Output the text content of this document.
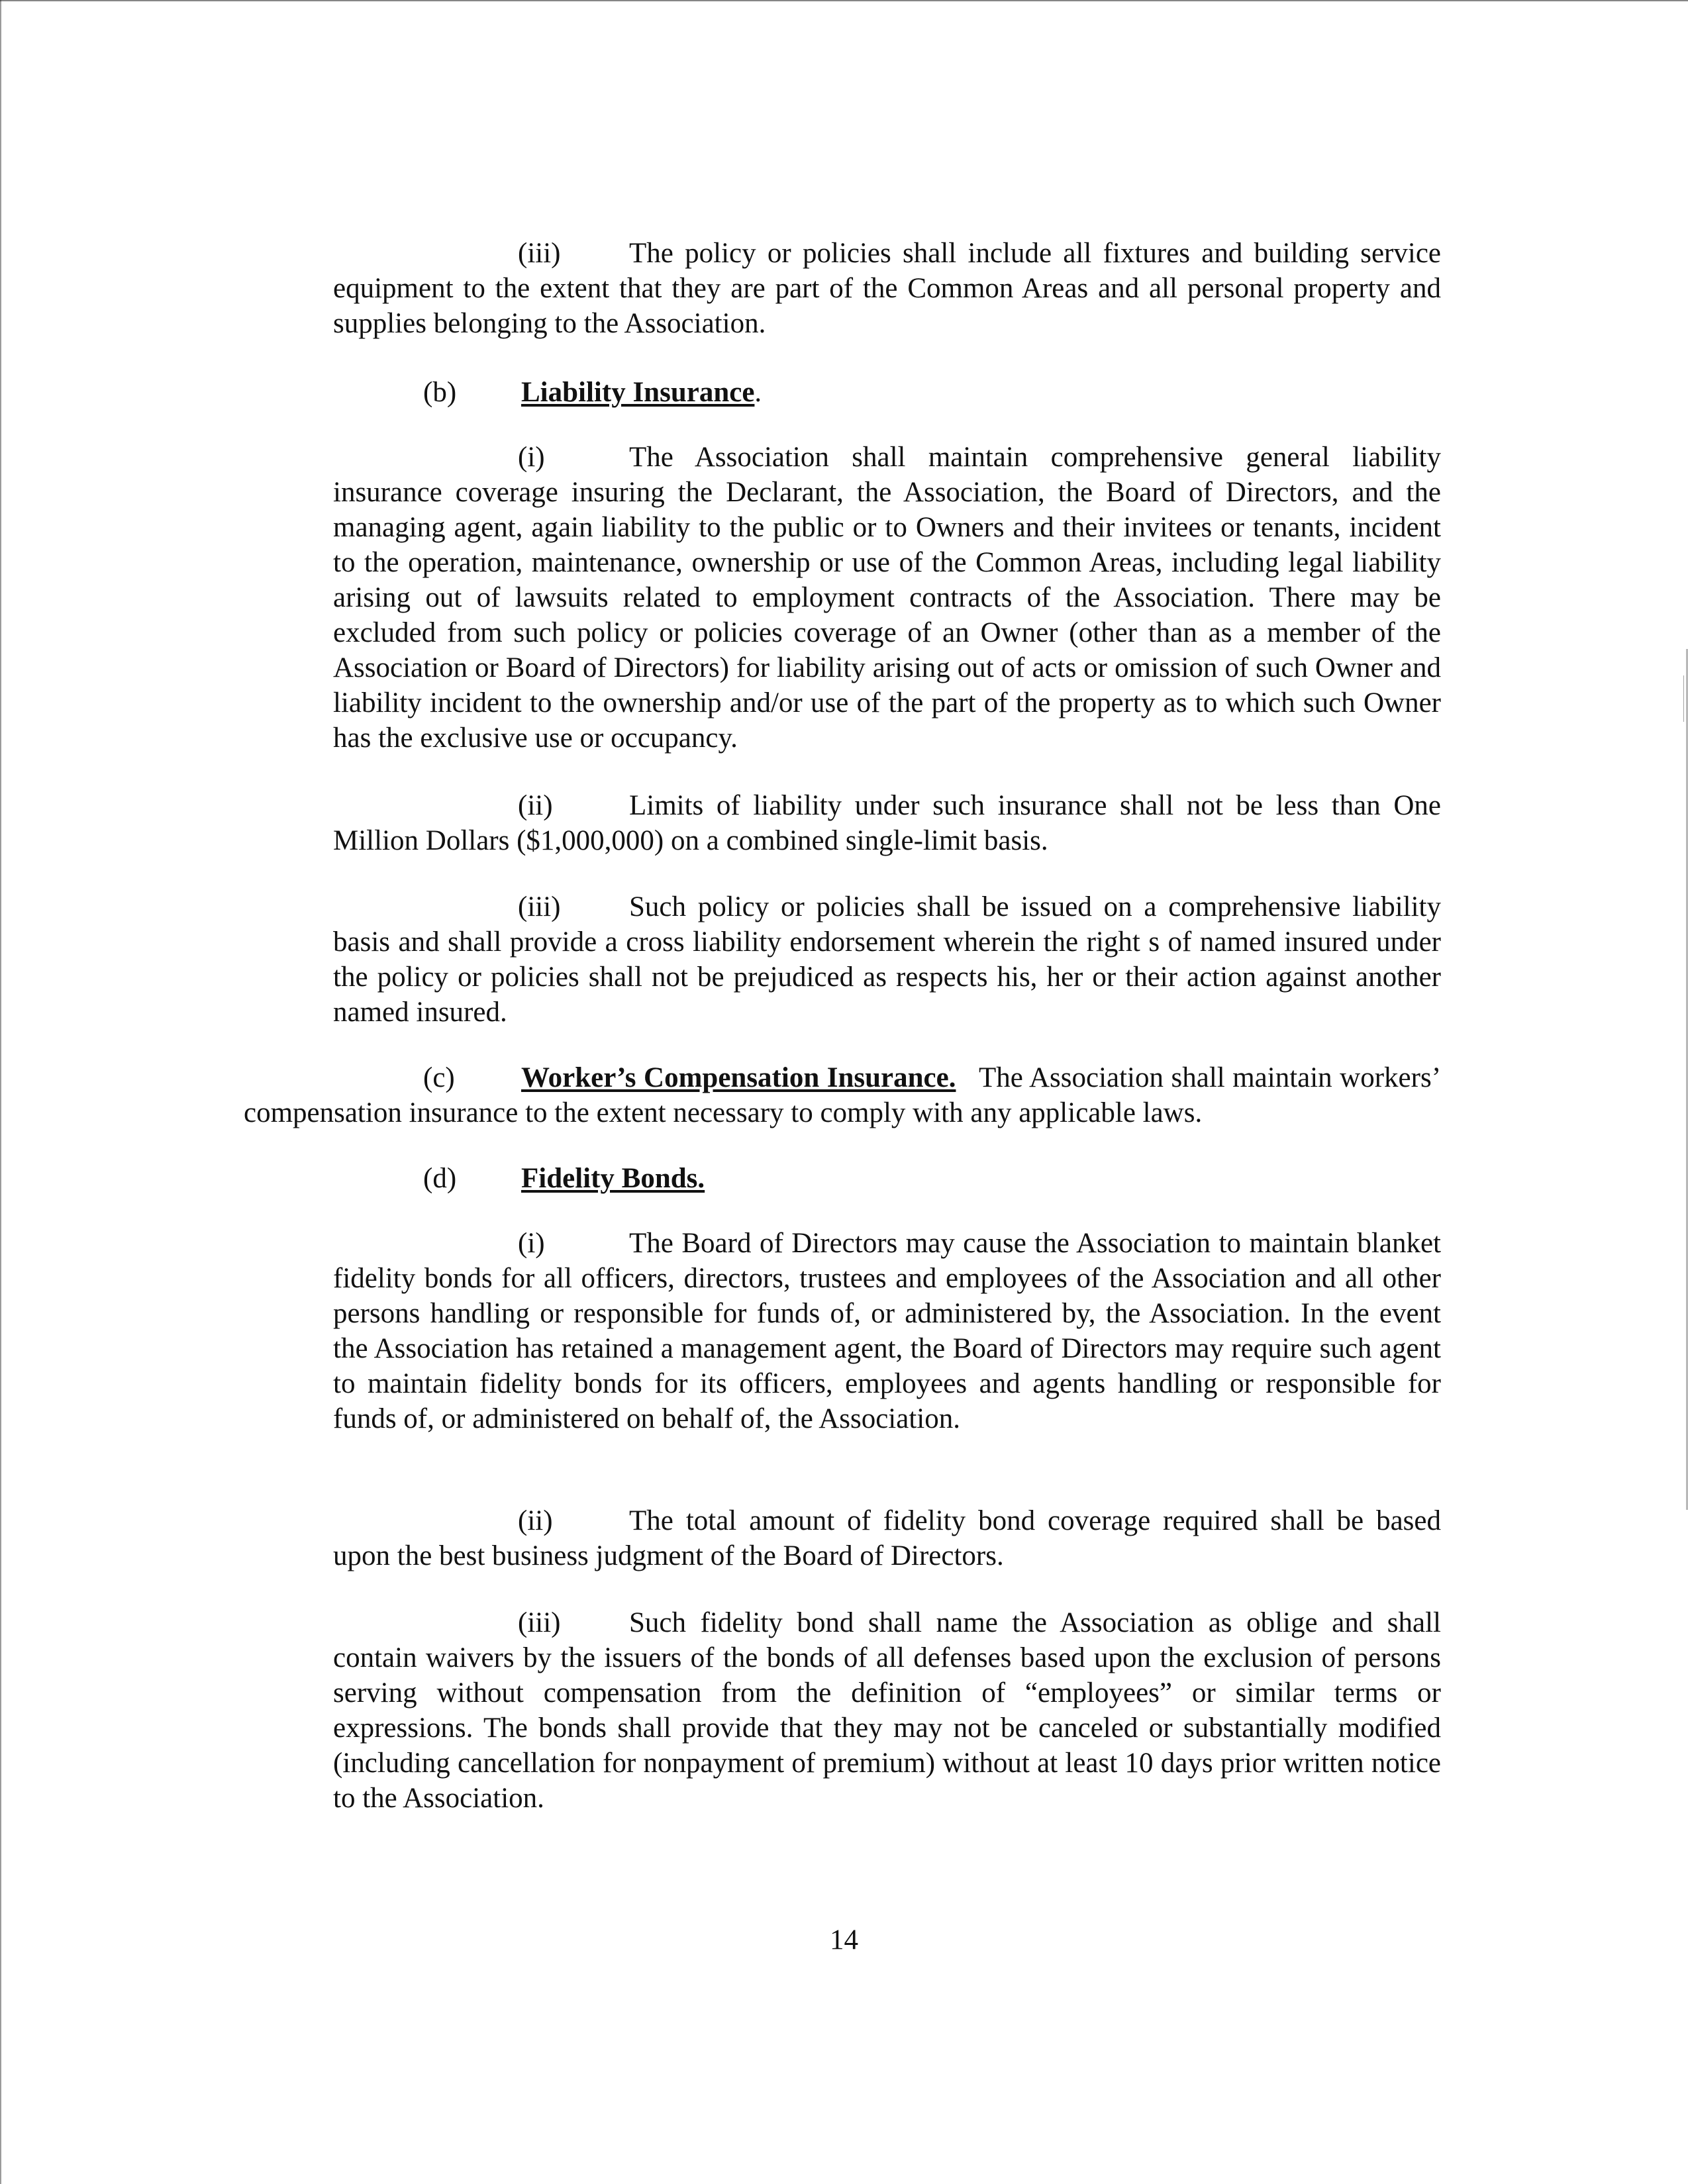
(iii) The policy or policies shall include all fixtures and building service equipment to the extent that they are part of the Common Areas and all personal property and supplies belonging to the Association.

(b) Liability Insurance.

(i)	The Association shall maintain comprehensive general liability insurance coverage insuring the Declarant, the Association, the Board of Directors, and the managing agent, again liability to the public or to Owners and their invitees or tenants, incident to the operation, maintenance, ownership or use of the Common Areas, including legal liability arising out of lawsuits related to employment contracts of the Association. There may be excluded from such policy or policies coverage of an Owner (other than as a member of the Association or Board of Directors) for liability arising out of acts or omission of such Owner and liability incident to the ownership and/or use of the part of the property as to which such Owner has the exclusive use or occupancy.

(ii)	Limits of liability under such insurance shall not be less than One Million Dollars ($1,000,000) on a combined single-limit basis.

(iii) Such policy or policies shall be issued on a comprehensive liability basis and shall provide a cross liability endorsement wherein the right s of named insured under the policy or policies shall not be prejudiced as respects his, her or their action against another named insured.

(c) Worker’s Compensation Insurance. The Association shall maintain workers’ compensation insurance to the extent necessary to comply with any applicable laws.

(d) Fidelity Bonds.

(i)	The Board of Directors may cause the Association to maintain blanket fidelity bonds for all officers, directors, trustees and employees of the Association and all other persons handling or responsible for funds of, or administered by, the Association. In the event the Association has retained a management agent, the Board of Directors may require such agent to maintain fidelity bonds for its officers, employees and agents handling or responsible for funds of, or administered on behalf of, the Association.

(ii)	The total amount of fidelity bond coverage required shall be based upon the best business judgment of the Board of Directors.

(iii) Such fidelity bond shall name the Association as oblige and shall contain waivers by the issuers of the bonds of all defenses based upon the exclusion of persons serving without compensation from the definition of “employees” or similar terms or expressions. The bonds shall provide that they may not be canceled or substantially modified (including cancellation for nonpayment of premium) without at least 10 days prior written notice to the Association.

14
